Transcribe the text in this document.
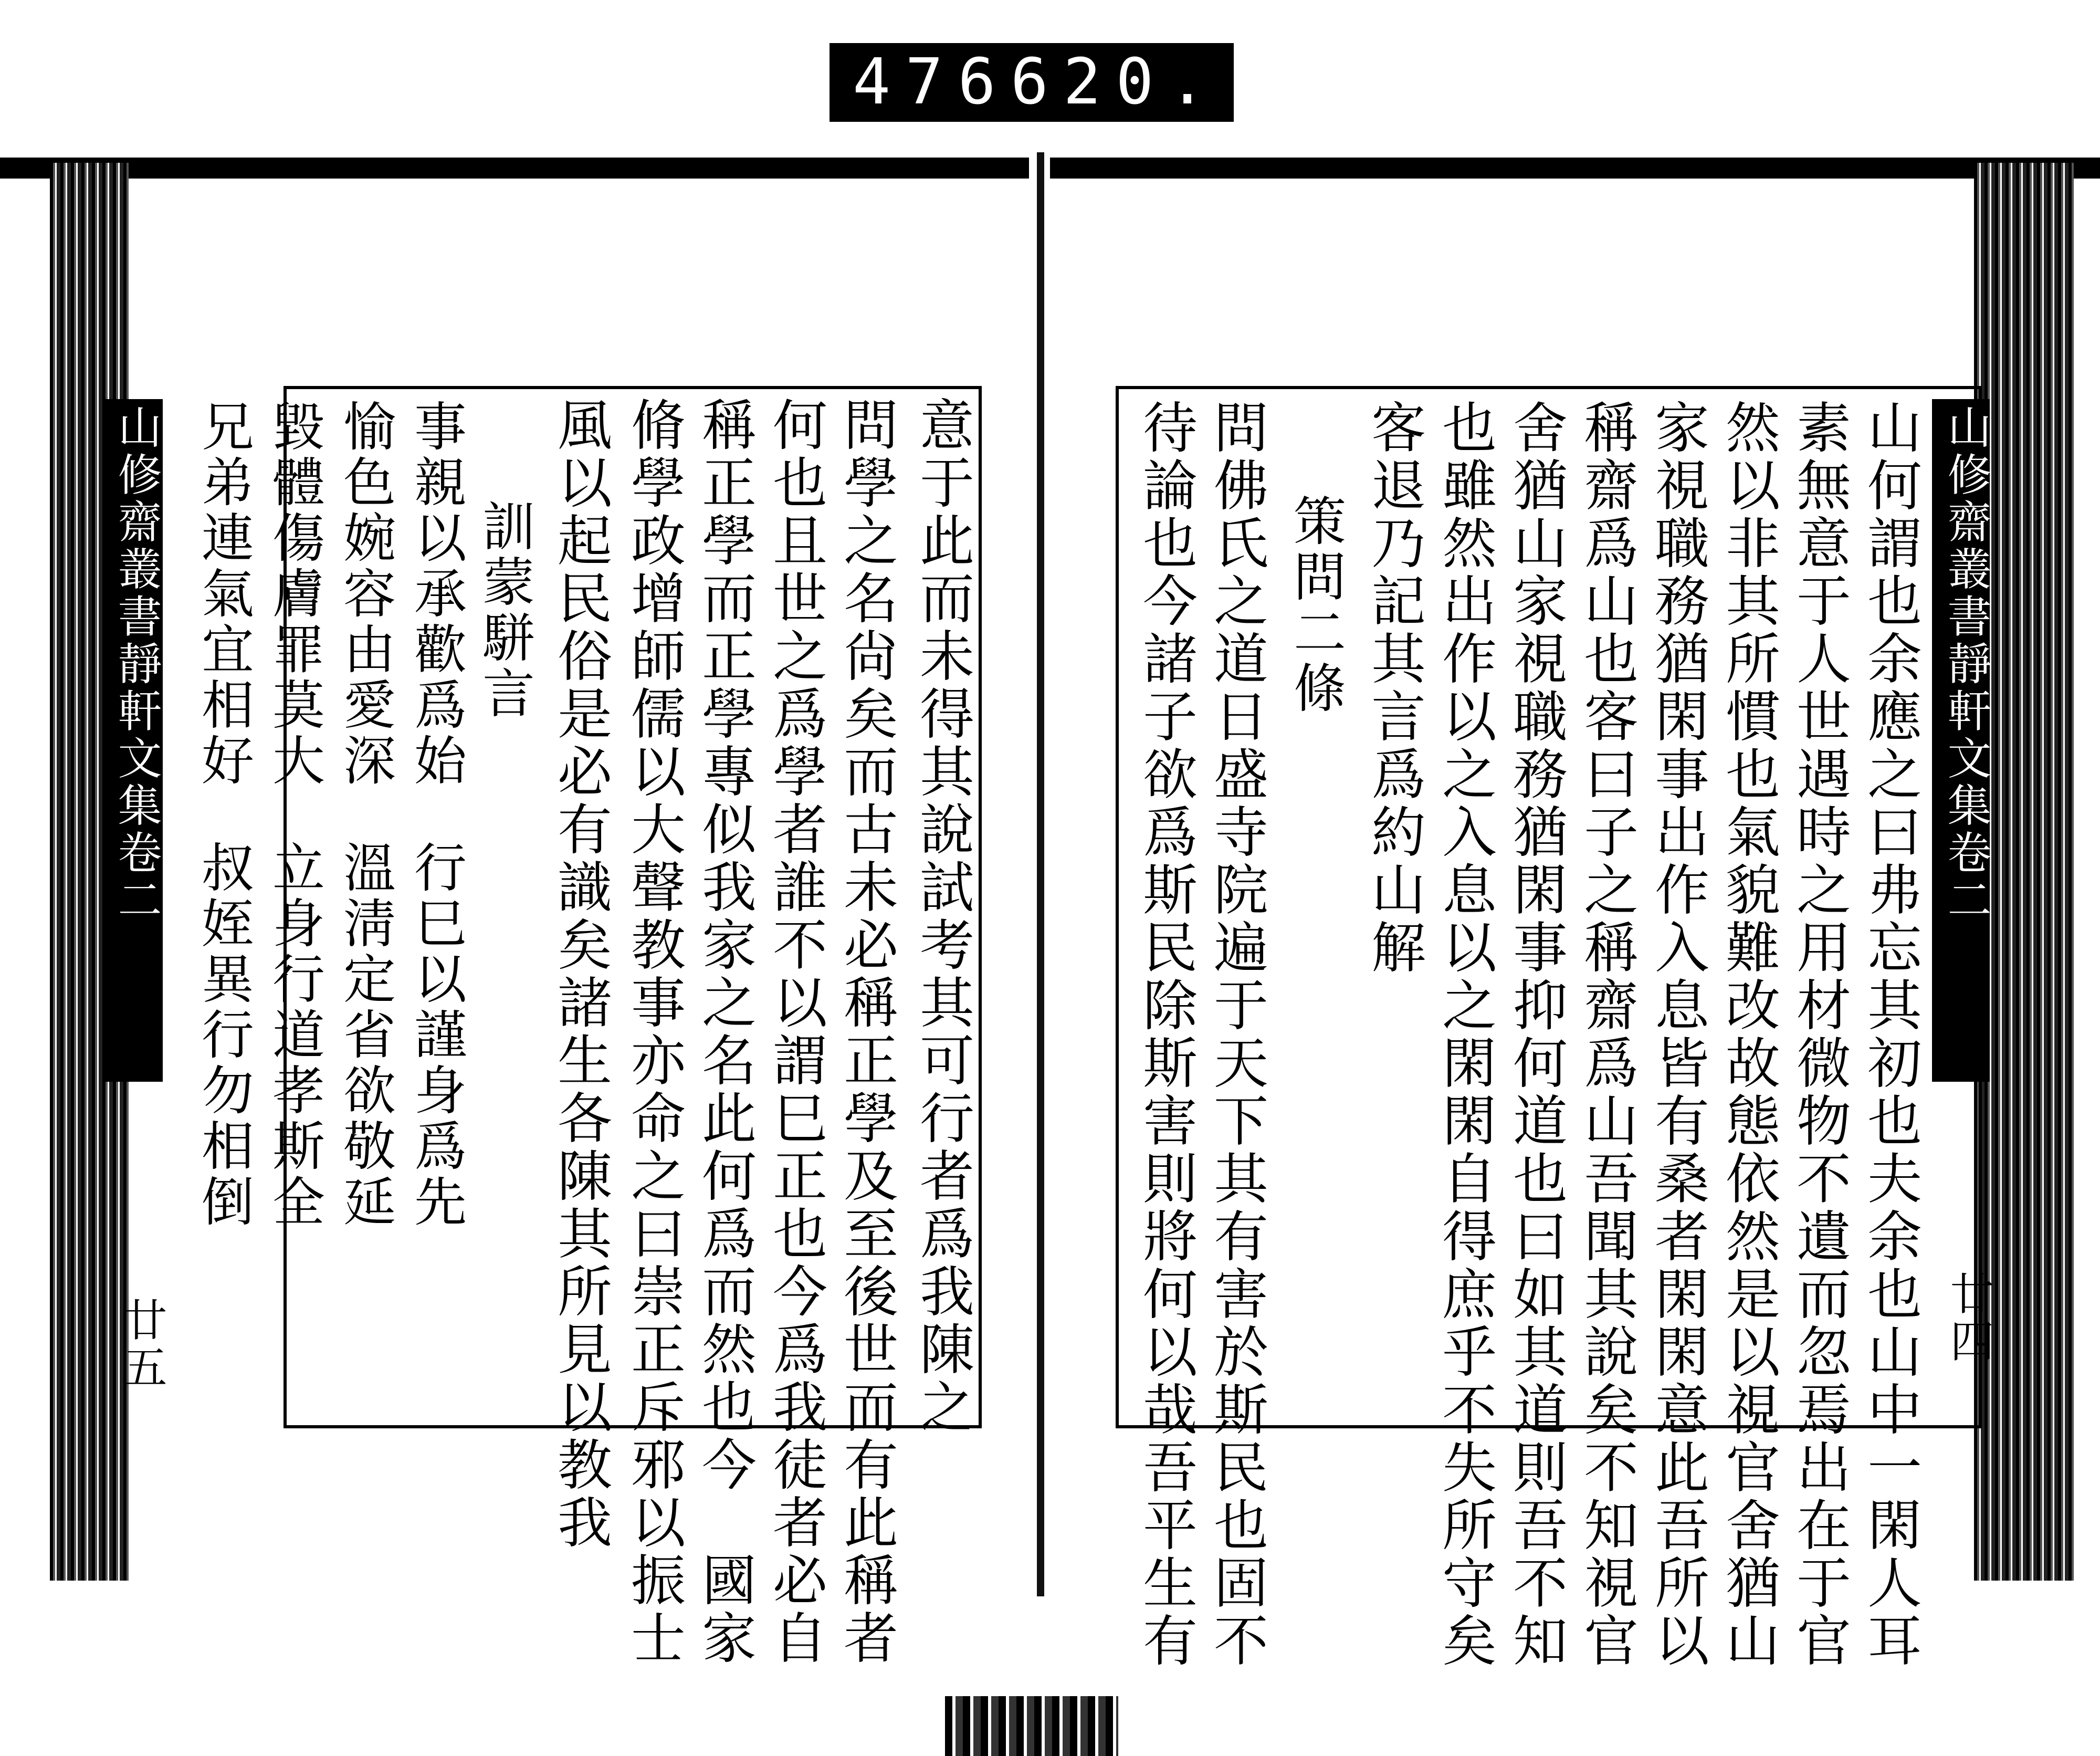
476 620.
意于此而未得其說試考其可行者爲我陳之
問學之名尙矣而古未必稱正學及至後世而有此稱者
何也且世之爲學者誰不以謂巳正也今爲我徒者必自
稱正學而正學專似我家之名此何爲而然也今　國家
脩學政增師儒以大聲教事亦命之曰崇正斥邪以振士
風以起民俗是必有識矣諸生各陳其所見以教我
訓蒙駢言
事親以承歡爲始
愉色婉容由愛深
毀體傷膚罪莫大
兄弟連氣宜相好
行巳以謹身爲先
溫淸定省欲敬延
立身行道孝斯全
叔姪異行勿相倒
山修齋叢書靜軒文集卷二
廿五
山修齋叢書靜軒文集卷二
廿四
山何謂也余應之曰弗忘其初也夫余也山中一閑人耳
素無意于人世遇時之用材微物不遺而忽焉出在于官
然以非其所慣也氣貌難改故態依然是以視官舍猶山
家視職務猶閑事出作入息皆有桑者閑閑意此吾所以
稱齋爲山也客曰子之稱齋爲山吾聞其說矣不知視官
舍猶山家視職務猶閑事抑何道也曰如其道則吾不知
也雖然出作以之入息以之閑閑自得庶乎不失所守矣
客退乃記其言爲約山解
策問二條
問佛氏之道日盛寺院遍于天下其有害於斯民也固不
待論也今諸子欲爲斯民除斯害則將何以哉吾平生有
